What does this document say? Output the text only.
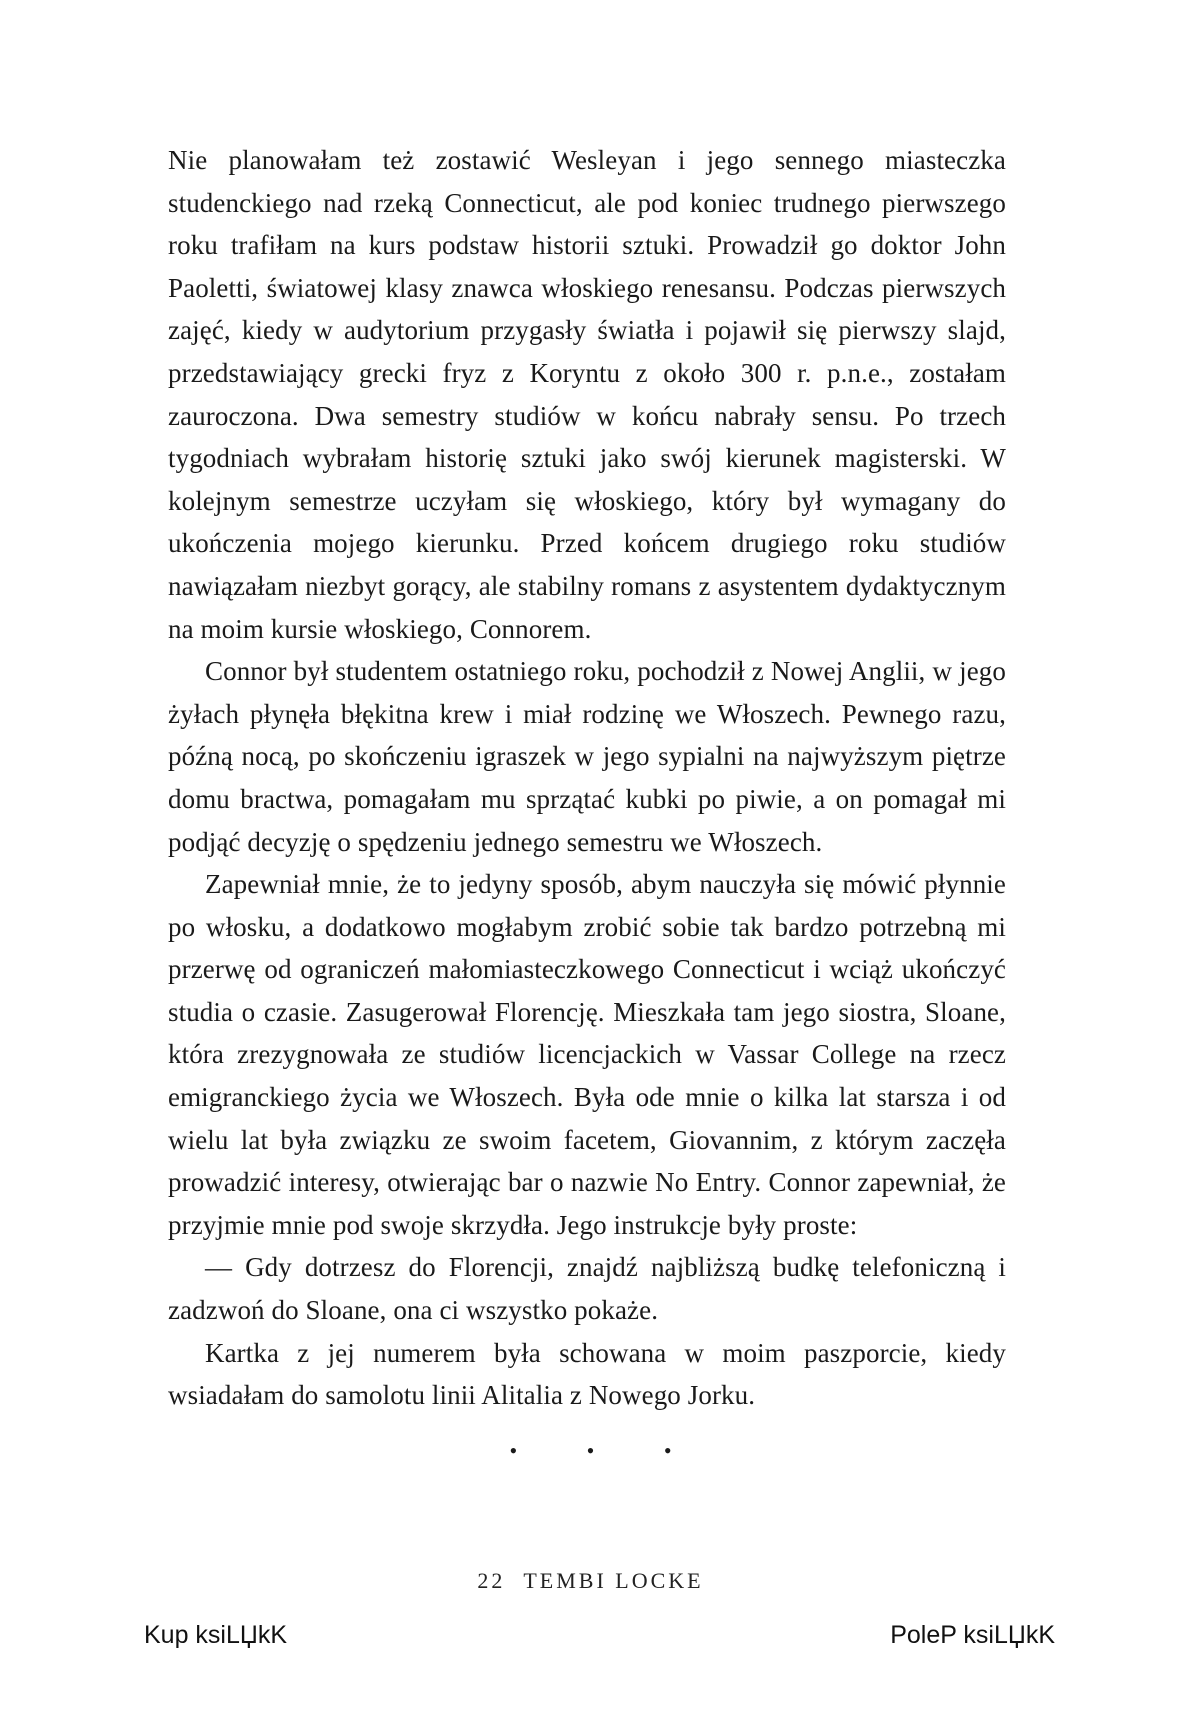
Nie planowałam też zostawić Wesleyan i jego sennego miasteczka studenckiego nad rzeką Connecticut, ale pod koniec trudnego pierwszego roku trafiłam na kurs podstaw historii sztuki. Prowadził go doktor John Paoletti, światowej klasy znawca włoskiego renesansu. Podczas pierwszych zajęć, kiedy w audytorium przygasły światła i pojawił się pierwszy slajd, przedstawiający grecki fryz z Koryntu z około 300 r. p.n.e., zostałam zauroczona. Dwa semestry studiów w końcu nabrały sensu. Po trzech tygodniach wybrałam historię sztuki jako swój kierunek magisterski. W kolejnym semestrze uczyłam się włoskiego, który był wymagany do ukończenia mojego kierunku. Przed końcem drugiego roku studiów nawiązałam niezbyt gorący, ale stabilny romans z asystentem dydaktycznym na moim kursie włoskiego, Connorem.

Connor był studentem ostatniego roku, pochodził z Nowej Anglii, w jego żyłach płynęła błękitna krew i miał rodzinę we Włoszech. Pewnego razu, późną nocą, po skończeniu igraszek w jego sypialni na najwyższym piętrze domu bractwa, pomagałam mu sprzątać kubki po piwie, a on pomagał mi podjąć decyzję o spędzeniu jednego semestru we Włoszech.

Zapewniał mnie, że to jedyny sposób, abym nauczyła się mówić płynnie po włosku, a dodatkowo mogłabym zrobić sobie tak bardzo potrzebną mi przerwę od ograniczeń małomiasteczkowego Connecticut i wciąż ukończyć studia o czasie. Zasugerował Florencję. Mieszkała tam jego siostra, Sloane, która zrezygnowała ze studiów licencjackich w Vassar College na rzecz emigranckiego życia we Włoszech. Była ode mnie o kilka lat starsza i od wielu lat była związku ze swoim facetem, Giovannim, z którym zaczęła prowadzić interesy, otwierając bar o nazwie No Entry. Connor zapewniał, że przyjmie mnie pod swoje skrzydła. Jego instrukcje były proste:

— Gdy dotrzesz do Florencji, znajdź najbliższą budkę telefoniczną i zadzwoń do Sloane, ona ci wszystko pokaże.

Kartka z jej numerem była schowana w moim paszporcie, kiedy wsiadałam do samolotu linii Alitalia z Nowego Jorku.

• • •
22 TEMBI LOCKE
Kup ksiLЏkK	PoleP ksiLЏkK
